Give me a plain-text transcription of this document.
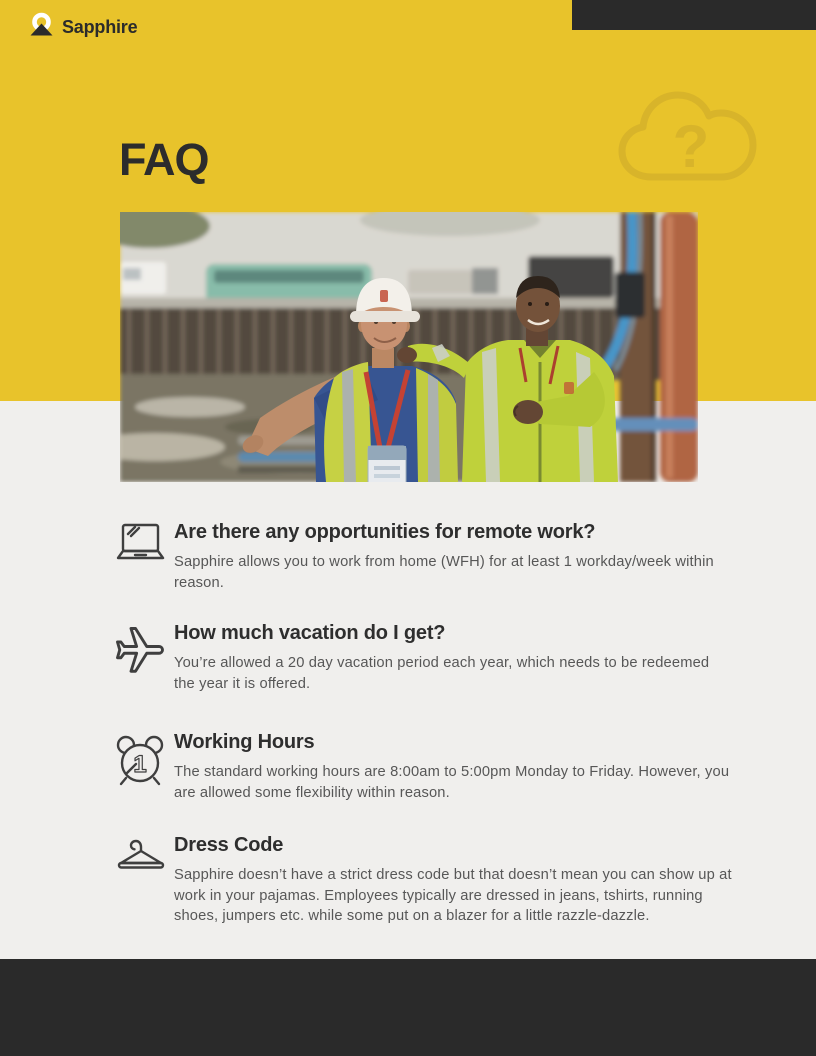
Sapphire
?
FAQ
Are there any opportunities for remote work?
Sapphire allows you to work from home (WFH) for at least 1 workday/week within reason.
How much vacation do I get?
You’re allowed a 20 day vacation period each year, which needs to be redeemed the year it is offered.
1
Working Hours
The standard working hours are 8:00am to 5:00pm Monday to Friday. However, you are allowed some flexibility within reason.
Dress Code
Sapphire doesn’t have a strict dress code but that doesn’t mean you can show up at work in your pajamas. Employees typically are dressed in jeans, tshirts, running shoes, jumpers etc. while some put on a blazer for a little razzle-dazzle.
